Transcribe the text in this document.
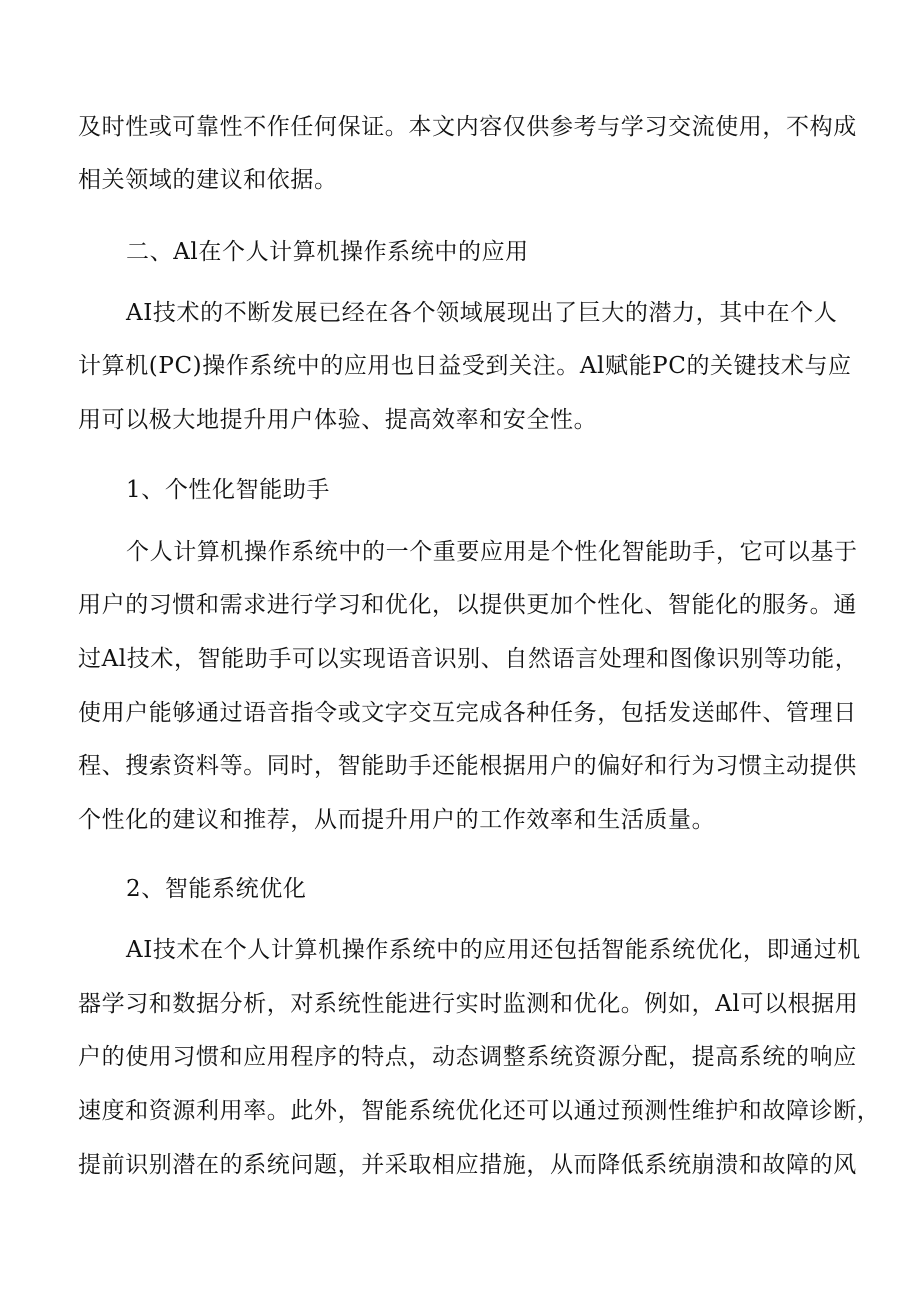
及时性或可靠性不作任何保证。本文内容仅供参考与学习交流使用，不构成
相关领域的建议和依据。
二、Al在个人计算机操作系统中的应用
AI技术的不断发展已经在各个领域展现出了巨大的潜力，其中在个人
计算机(PC)操作系统中的应用也日益受到关注。Al赋能PC的关键技术与应
用可以极大地提升用户体验、提高效率和安全性。
1、个性化智能助手
个人计算机操作系统中的一个重要应用是个性化智能助手，它可以基于
用户的习惯和需求进行学习和优化，以提供更加个性化、智能化的服务。通
过Al技术，智能助手可以实现语音识别、自然语言处理和图像识别等功能，
使用户能够通过语音指令或文字交互完成各种任务，包括发送邮件、管理日
程、搜索资料等。同时，智能助手还能根据用户的偏好和行为习惯主动提供
个性化的建议和推荐，从而提升用户的工作效率和生活质量。
2、智能系统优化
AI技术在个人计算机操作系统中的应用还包括智能系统优化，即通过机
器学习和数据分析，对系统性能进行实时监测和优化。例如，Al可以根据用
户的使用习惯和应用程序的特点，动态调整系统资源分配，提高系统的响应
速度和资源利用率。此外，智能系统优化还可以通过预测性维护和故障诊断，
提前识别潜在的系统问题，并采取相应措施，从而降低系统崩溃和故障的风
